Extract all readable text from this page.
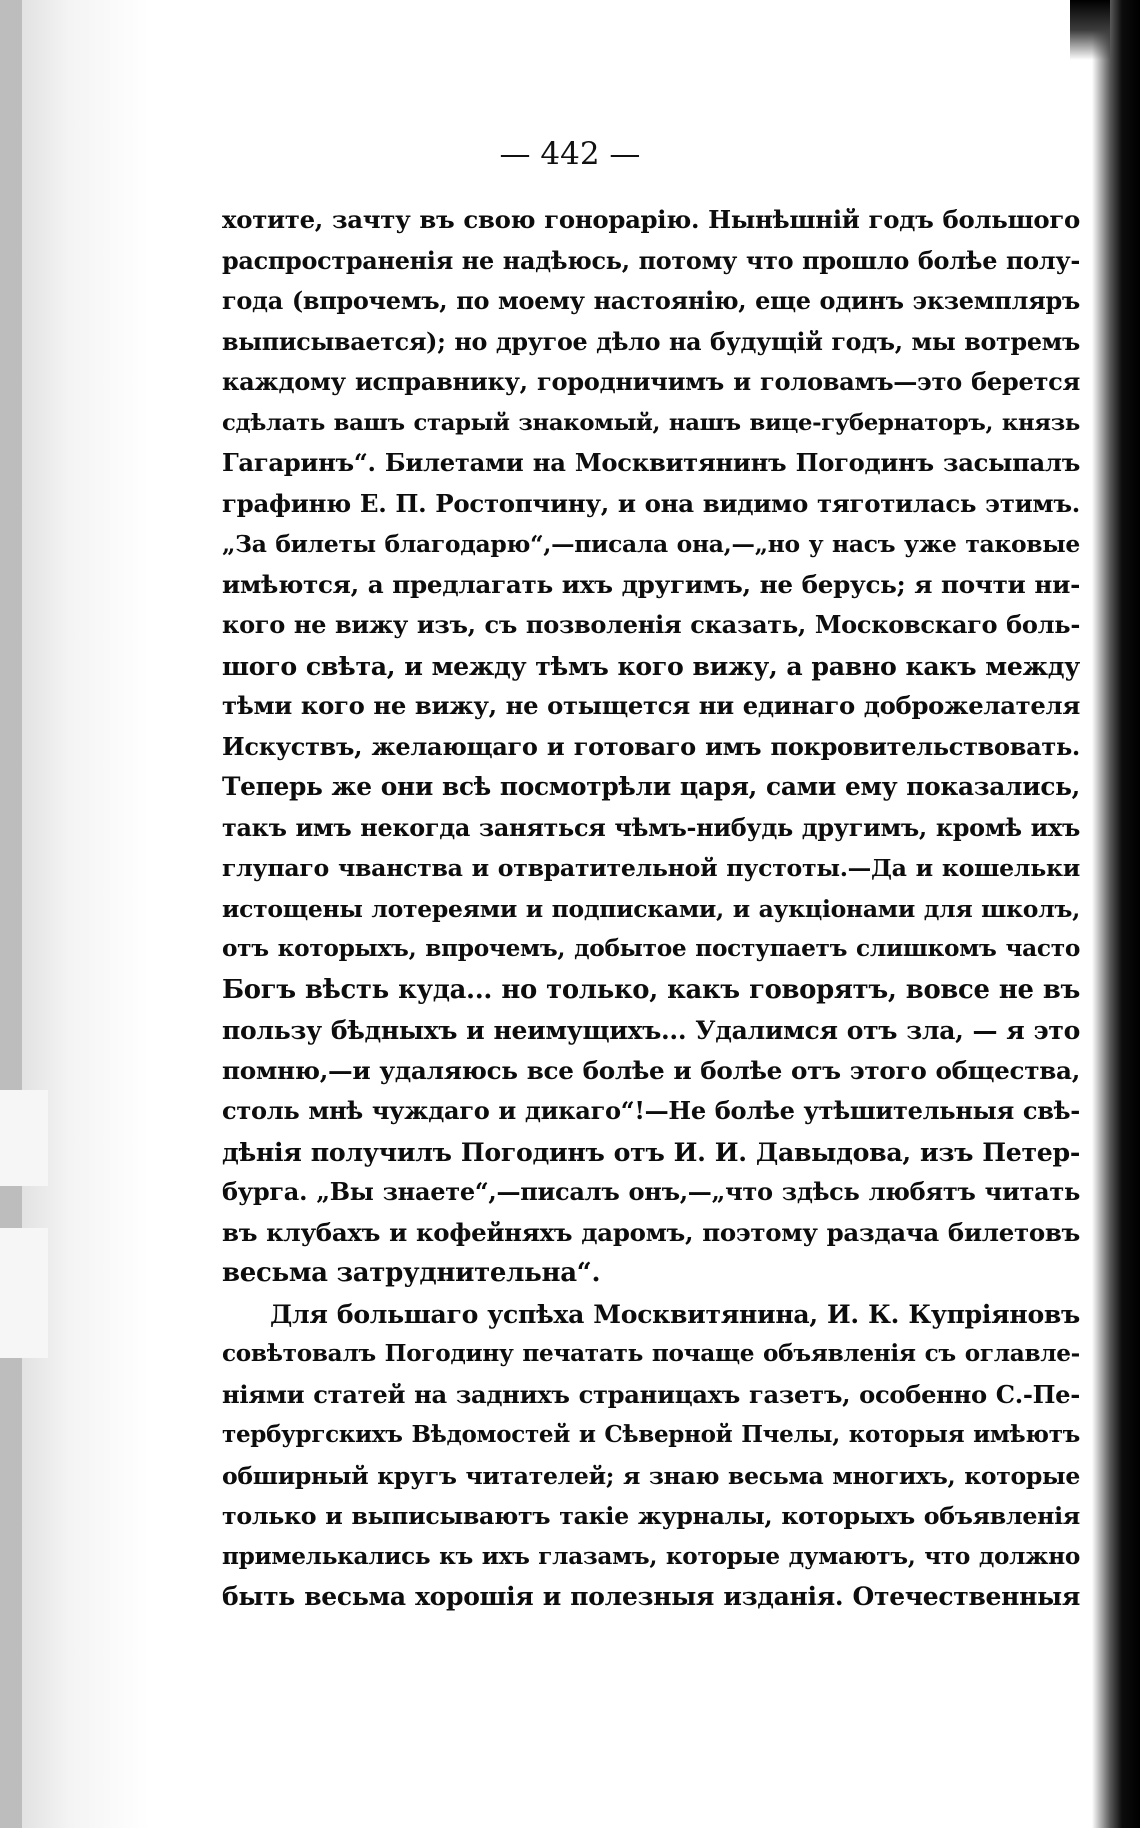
— 442 —

хотите, зачту въ свою гонорарію. Нынѣшній годъ большого
распространенія не надѣюсь, потому что прошло болѣе полу-
года (впрочемъ, по моему настоянію, еще одинъ экземпляръ
выписывается); но другое дѣло на будущій годъ, мы вотремъ
каждому исправнику, городничимъ и головамъ—это берется
сдѣлать вашъ старый знакомый, нашъ вице-губернаторъ, князь
Гагаринъ“. Билетами на Москвитянинъ Погодинъ засыпалъ
графиню Е. П. Ростопчину, и она видимо тяготилась этимъ.
„За билеты благодарю“,—писала она,—„но у насъ уже таковые
имѣются, а предлагать ихъ другимъ, не берусь; я почти ни-
кого не вижу изъ, съ позволенія сказать, Московскаго боль-
шого свѣта, и между тѣмъ кого вижу, а равно какъ между
тѣми кого не вижу, не отыщется ни единаго доброжелателя
Искуствъ, желающаго и готоваго имъ покровительствовать.
Теперь же они всѣ посмотрѣли царя, сами ему показались,
такъ имъ некогда заняться чѣмъ-нибудь другимъ, кромѣ ихъ
глупаго чванства и отвратительной пустоты.—Да и кошельки
истощены лотереями и подписками, и аукціонами для школъ,
отъ которыхъ, впрочемъ, добытое поступаетъ слишкомъ часто
Богъ вѣсть куда... но только, какъ говорятъ, вовсе не въ
пользу бѣдныхъ и неимущихъ... Удалимся отъ зла, — я это
помню,—и удаляюсь все болѣе и болѣе отъ этого общества,
столь мнѣ чуждаго и дикаго“!—Не болѣе утѣшительныя свѣ-
дѣнія получилъ Погодинъ отъ И. И. Давыдова, изъ Петер-
бурга. „Вы знаете“,—писалъ онъ,—„что здѣсь любятъ читать
въ клубахъ и кофейняхъ даромъ, поэтому раздача билетовъ
весьма затруднительна“.
Для большаго успѣха Москвитянина, И. К. Купріяновъ
совѣтовалъ Погодину печатать почаще объявленія съ оглавле-
ніями статей на заднихъ страницахъ газетъ, особенно С.-Пе-
тербургскихъ Вѣдомостей и Сѣверной Пчелы, которыя имѣютъ
обширный кругъ читателей; я знаю весьма многихъ, которые
только и выписываютъ такіе журналы, которыхъ объявленія
примелькались къ ихъ глазамъ, которые думаютъ, что должно
быть весьма хорошія и полезныя изданія. Отечественныя
